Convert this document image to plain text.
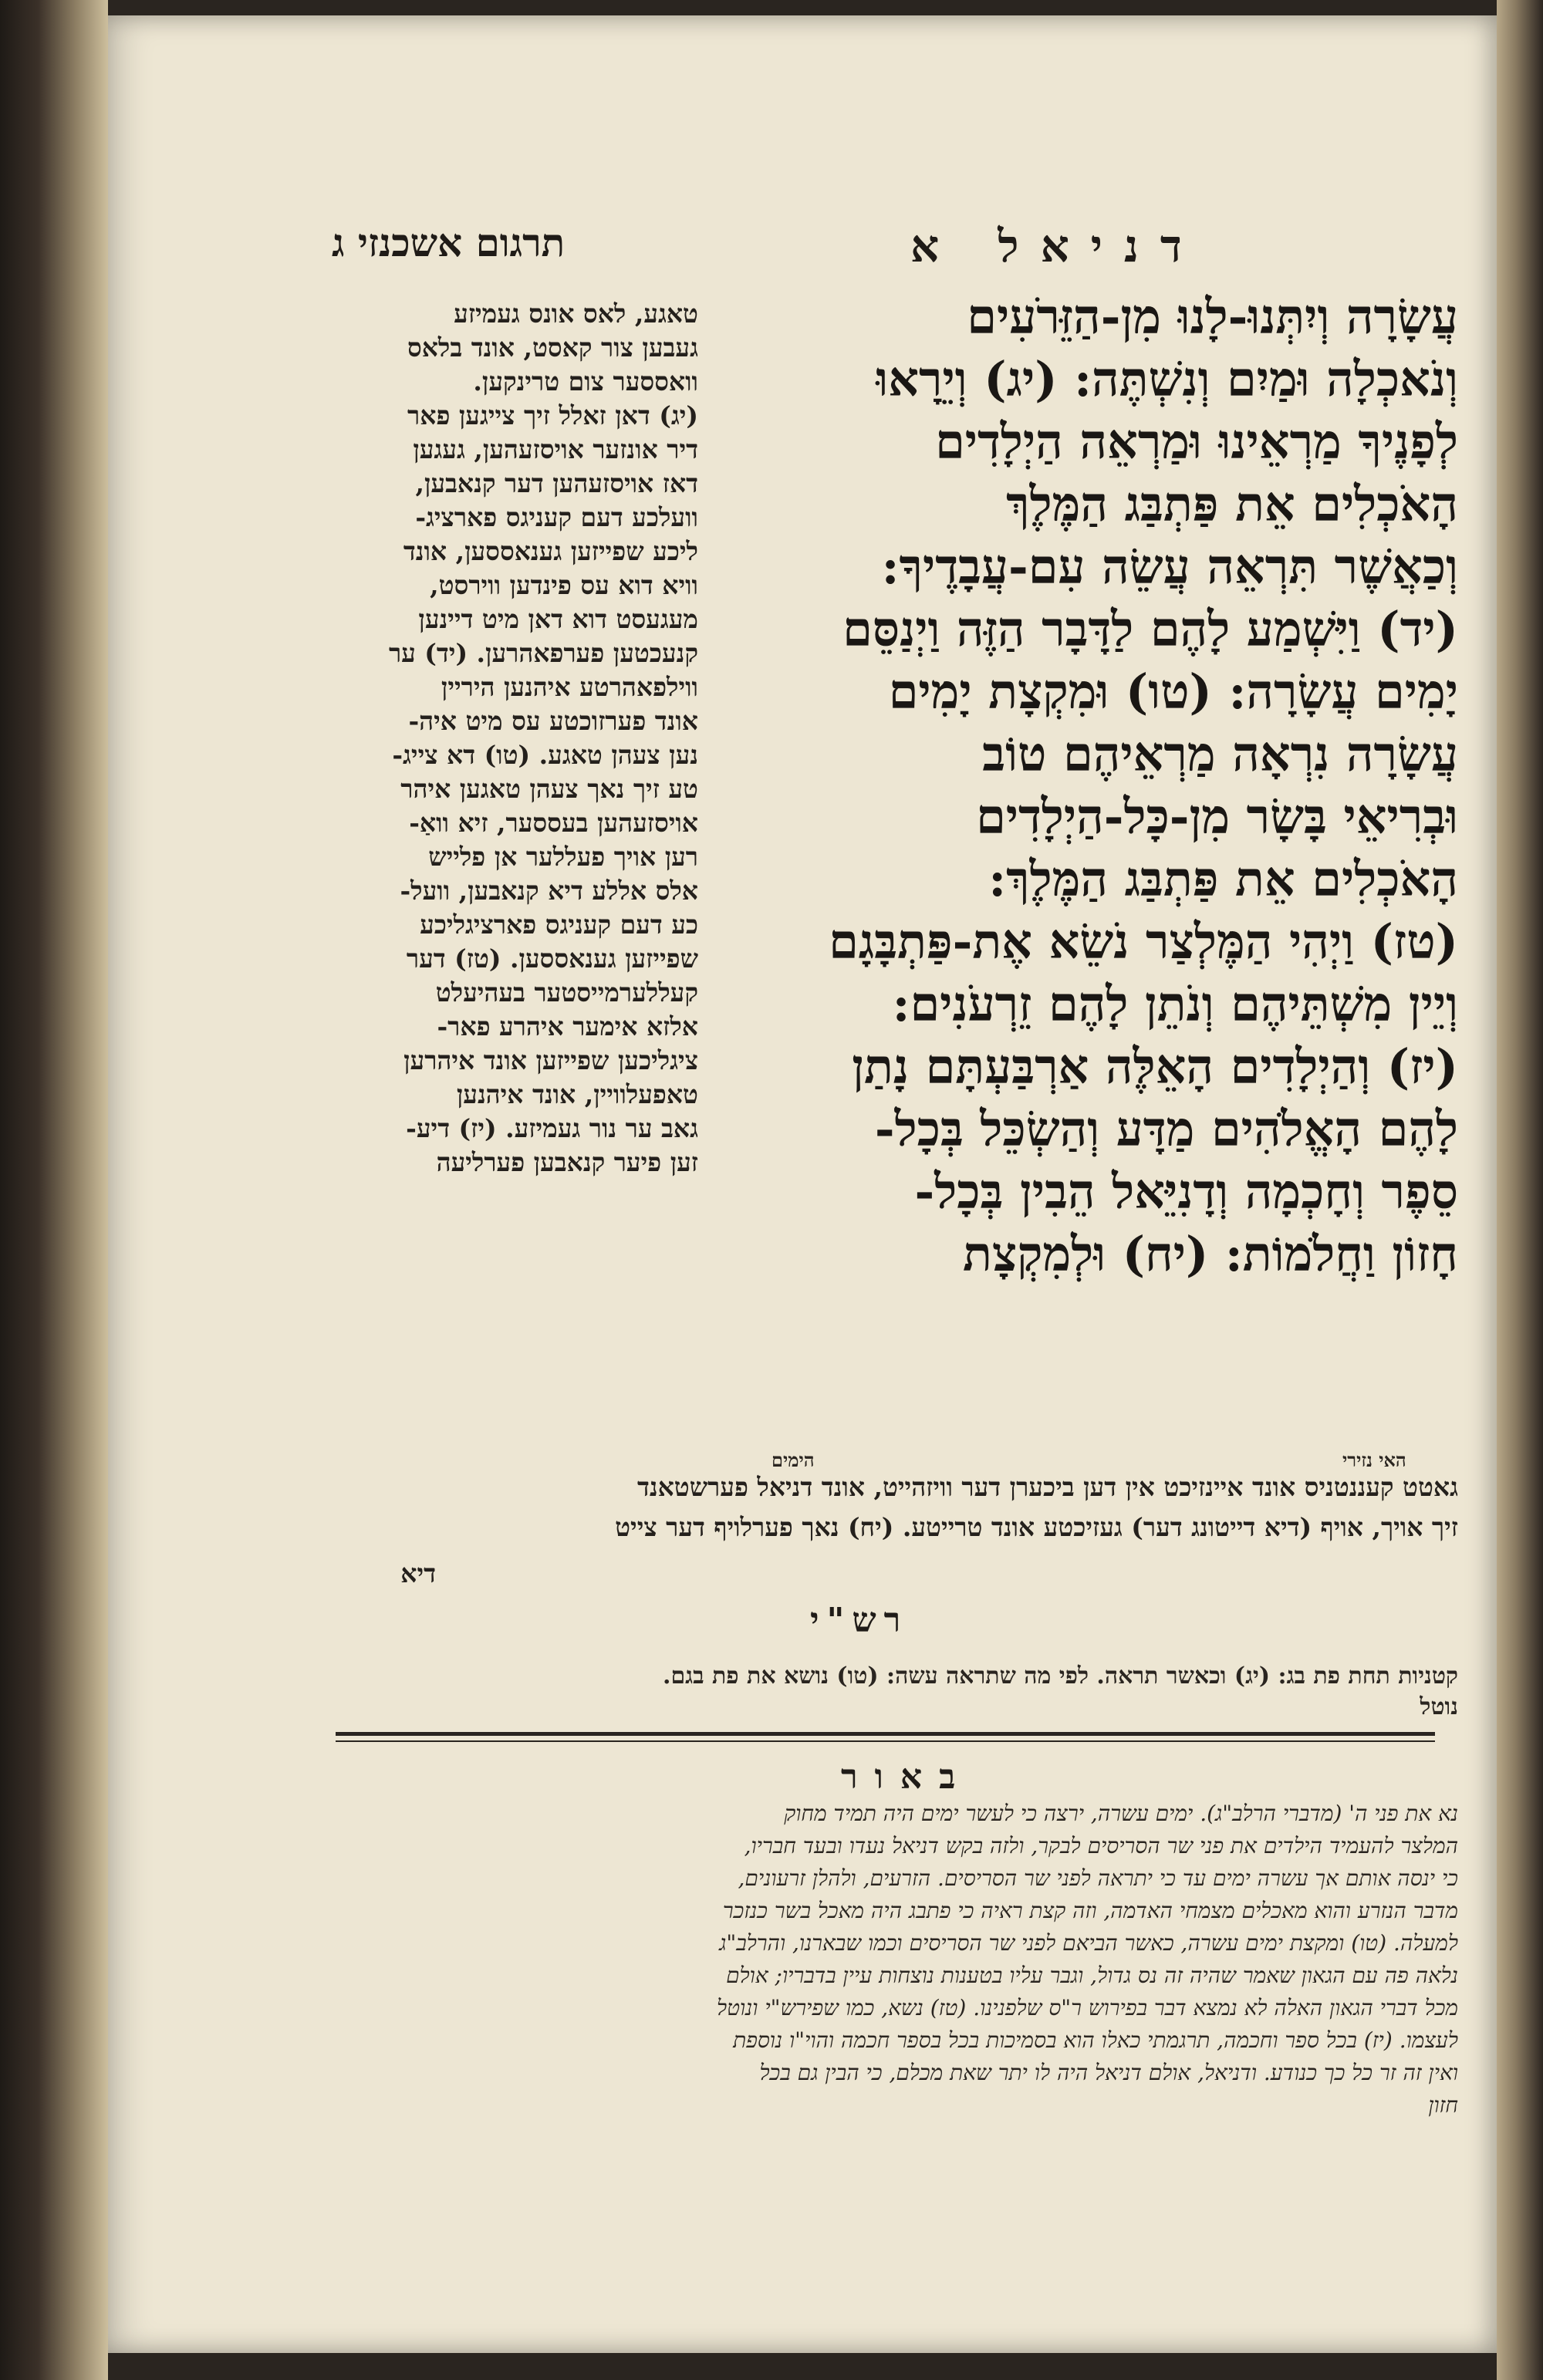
תרגום אשכנזי ג	דניאל א
עֲשָׂרָה וְיִתְּנוּ-לָנוּ מִן-הַזֵּרֹעִים
וְנֹאכְלָה וּמַיִם וְנִשְׁתֶּה: (יג) וְיֵרָאוּ
לְפָנֶיךָ מַרְאֵינוּ וּמַרְאֵה הַיְלָדִים
הָאֹכְלִים אֵת פַּתְבַּג הַמֶּלֶךְ
וְכַאֲשֶׁר תִּרְאֵה עֲשֵׂה עִם-עֲבָדֶיךָ:
(יד) וַיִּשְׁמַע לָהֶם לַדָּבָר הַזֶּה וַיְנַסֵּם
יָמִים עֲשָׂרָה: (טו) וּמִקְצָת יָמִים
עֲשָׂרָה נִרְאָה מַרְאֵיהֶם טוֹב
וּבְרִיאֵי בָּשָׂר מִן-כָּל-הַיְלָדִים
הָאֹכְלִים אֵת פַּתְבַּג הַמֶּלֶךְ:
(טז) וַיְהִי הַמֶּלְצַר נֹשֵׂא אֶת-פַּתְבָּגָם
וְיֵין מִשְׁתֵּיהֶם וְנֹתֵן לָהֶם זֵרְעֹנִים:
(יז) וְהַיְלָדִים הָאֵלֶּה אַרְבַּעְתָּם נָתַן
לָהֶם הָאֱלֹהִים מַדָּע וְהַשְׂכֵּל בְּכָל-
סֵפֶר וְחָכְמָה וְדָנִיֵּאל הֵבִין בְּכָל-
חָזוֹן וַחֲלֹמוֹת: (יח) וּלְמִקְצָת
טאגע, לאס אונס געמיזע
געבען צור קאסט, אונד בלאס
וואססער צום טרינקען.
(יג) דאן זאלל זיך צייגען פאר
דיר אונזער אויסזעהען, געגען
דאז אויסזעהען דער קנאבען,
וועלכע דעם קעניגס פארציג-
ליכע שפייזען גענאססען, אונד
וויא דוא עס פינדען ווירסט,
מעגעסט דוא דאן מיט דיינען
קנעכטען פערפאהרען. (יד) ער
ווילפאהרטע איהנען היריין
אונד פערזוכטע עס מיט איה-
נען צעהן טאגע. (טו) דא צייג-
טע זיך נאך צעהן טאגען איהר
אויסזעהען בעססער, זיא וואַ-
רען אויך פעללער אן פלייש
אלס אללע דיא קנאבען, וועל-
כע דעם קעניגס פארציגליכע
שפייזען גענאססען. (טז) דער
קעללערמייסטער בעהיעלט
אלזא אימער איהרע פאר-
ציגליכען שפייזען אונד איהרען
טאפעלוויין, אונד איהנען
גאב ער נור געמיזע. (יז) דיע-
זען פיער קנאבען פערליעה
הימים	האי נזירי
גאטט קעננטניס אונד איינזיכט אין דען ביכערן דער וויזהייט, אונד דניאל פערשטאנד
זיך אויך, אויף (דיא דייטונג דער) געזיכטע אונד טרייטע. (יח) נאך פערלויף דער צייט
דיא
רש"י
קטניות תחת פת בג: (יג) וכאשר תראה. לפי מה שתראה עשה: (טו) נושא את פת בגם.
נוטל
באור
נא את פני ה' (מדברי הרלב"ג). ימים עשרה, ירצה כי לעשר ימים היה תמיד מחוק
המלצר להעמיד הילדים את פני שר הסריסים לבקר, ולזה בקש דניאל נעדו ובעד חבריו,
כי ינסה אותם אך עשרה ימים עד כי יתראה לפני שר הסריסים. הזרעים, ולהלן זרעונים,
מדבר הנזרע והוא מאכלים מצמחי האדמה, וזה קצת ראיה כי פתבג היה מאכל בשר כנזכר
למעלה. (טו) ומקצת ימים עשרה, כאשר הביאם לפני שר הסריסים וכמו שבארנו, והרלב"ג
נלאה פה עם הגאון שאמר שהיה זה נס גדול, וגבר עליו בטענות נוצחות עיין בדבריו; אולם
מכל דברי הגאון האלה לא נמצא דבר בפירוש ר"ס שלפנינו. (טז) נשא, כמו שפירש"י ונוטל
לעצמו. (יז) בכל ספר וחכמה, תרגמתי כאלו הוא בסמיכות בכל בספר חכמה והוי"ו נוספת
ואין זה זר כל כך כנודע. ודניאל, אולם דניאל היה לו יתר שאת מכלם, כי הבין גם בכל
חזון
